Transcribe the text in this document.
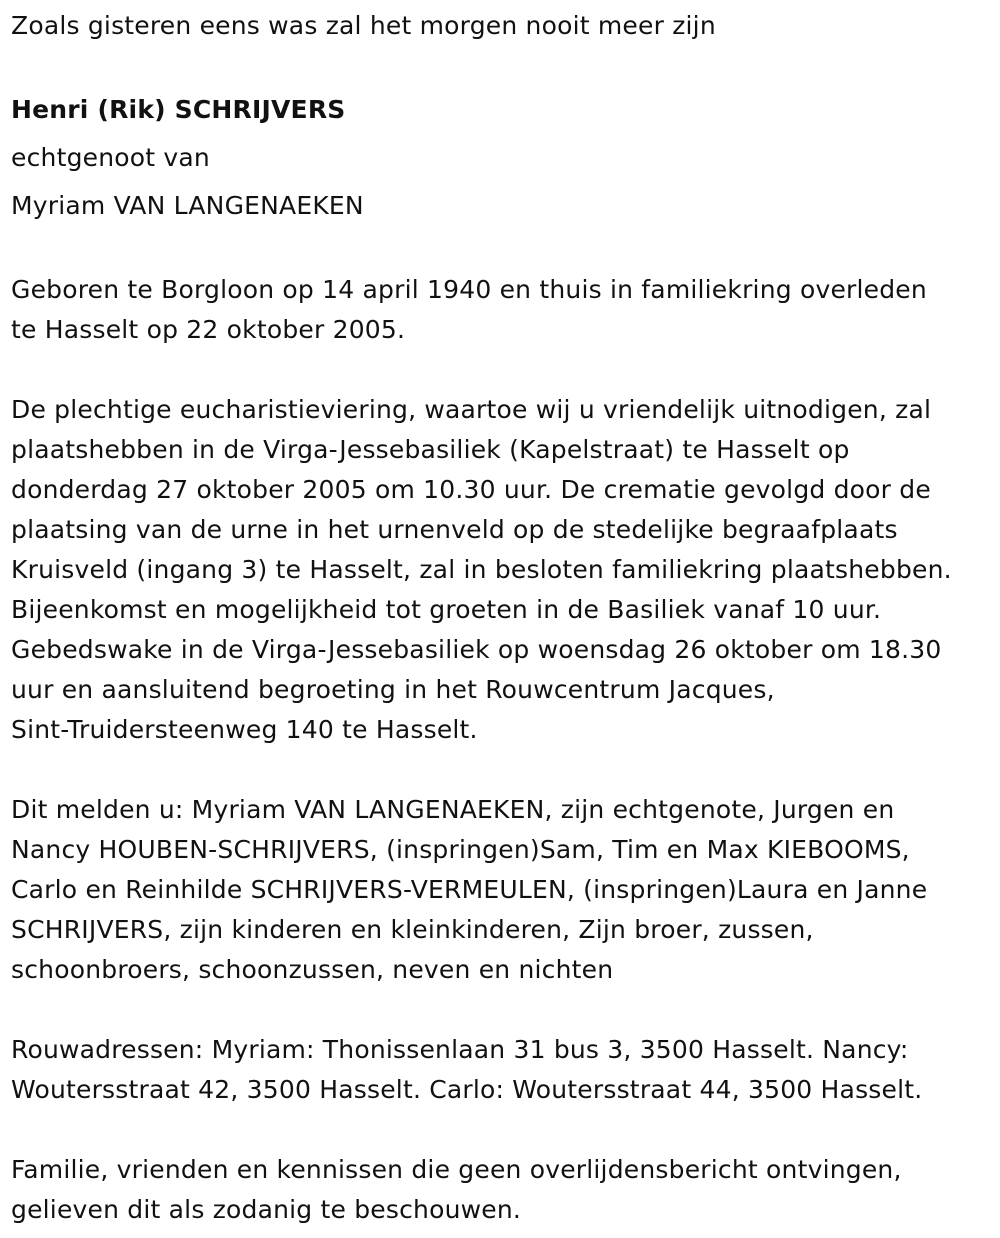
Zoals gisteren eens was zal het morgen nooit meer zijn
Henri (Rik) SCHRIJVERS
echtgenoot van
Myriam VAN LANGENAEKEN
Geboren te Borgloon op 14 april 1940 en thuis in familiekring overleden
te Hasselt op 22 oktober 2005.
De plechtige eucharistieviering, waartoe wij u vriendelijk uitnodigen, zal
plaatshebben in de Virga-Jessebasiliek (Kapelstraat) te Hasselt op
donderdag 27 oktober 2005 om 10.30 uur. De crematie gevolgd door de
plaatsing van de urne in het urnenveld op de stedelijke begraafplaats
Kruisveld (ingang 3) te Hasselt, zal in besloten familiekring plaatshebben.
Bijeenkomst en mogelijkheid tot groeten in de Basiliek vanaf 10 uur.
Gebedswake in de Virga-Jessebasiliek op woensdag 26 oktober om 18.30
uur en aansluitend begroeting in het Rouwcentrum Jacques,
Sint-Truidersteenweg 140 te Hasselt.
Dit melden u: Myriam VAN LANGENAEKEN, zijn echtgenote, Jurgen en
Nancy HOUBEN-SCHRIJVERS, (inspringen)Sam, Tim en Max KIEBOOMS,
Carlo en Reinhilde SCHRIJVERS-VERMEULEN, (inspringen)Laura en Janne
SCHRIJVERS, zijn kinderen en kleinkinderen, Zijn broer, zussen,
schoonbroers, schoonzussen, neven en nichten
Rouwadressen: Myriam: Thonissenlaan 31 bus 3, 3500 Hasselt. Nancy:
Woutersstraat 42, 3500 Hasselt. Carlo: Woutersstraat 44, 3500 Hasselt.
Familie, vrienden en kennissen die geen overlijdensbericht ontvingen,
gelieven dit als zodanig te beschouwen.
